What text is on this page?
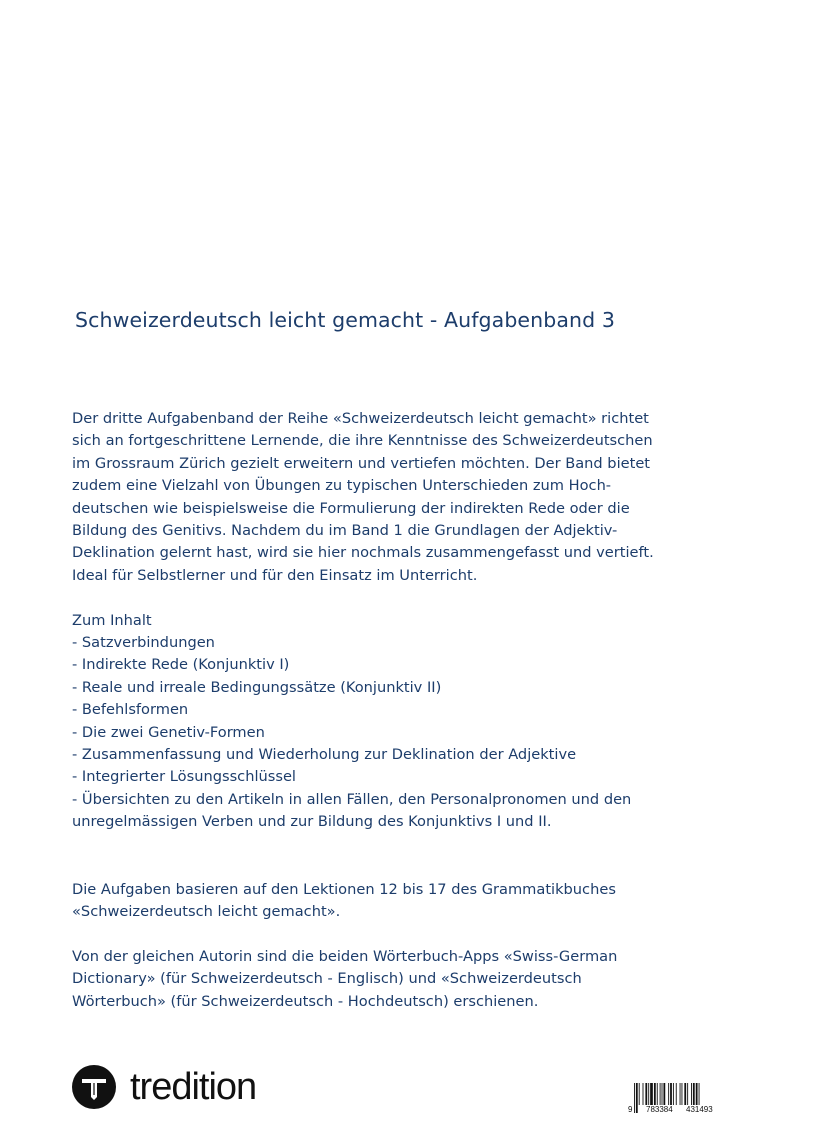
Schweizerdeutsch leicht gemacht - Aufgabenband 3

Der dritte Aufgabenband der Reihe «Schweizerdeutsch leicht gemacht» richtet
sich an fortgeschrittene Lernende, die ihre Kenntnisse des Schweizerdeutschen
im Grossraum Zürich gezielt erweitern und vertiefen möchten. Der Band bietet
zudem eine Vielzahl von Übungen zu typischen Unterschieden zum Hoch-
deutschen wie beispielsweise die Formulierung der indirekten Rede oder die
Bildung des Genitivs. Nachdem du im Band 1 die Grundlagen der Adjektiv-
Deklination gelernt hast, wird sie hier nochmals zusammengefasst und vertieft.
Ideal für Selbstlerner und für den Einsatz im Unterricht.

Zum Inhalt

- Satzverbindungen
- Indirekte Rede (Konjunktiv I)
- Reale und irreale Bedingungssätze (Konjunktiv II)
- Befehlsformen
- Die zwei Genetiv-Formen
- Zusammenfassung und Wiederholung zur Deklination der Adjektive
- Integrierter Lösungsschlüssel
- Übersichten zu den Artikeln in allen Fällen, den Personalpronomen und den
unregelmässigen Verben und zur Bildung des Konjunktivs I und II.

Die Aufgaben basieren auf den Lektionen 12 bis 17 des Grammatikbuches
«Schweizerdeutsch leicht gemacht».

Von der gleichen Autorin sind die beiden Wörterbuch-Apps «Swiss-German
Dictionary» (für Schweizerdeutsch - Englisch) und «Schweizerdeutsch
Wörterbuch» (für Schweizerdeutsch - Hochdeutsch) erschienen.

tredition
9 783384 431493
